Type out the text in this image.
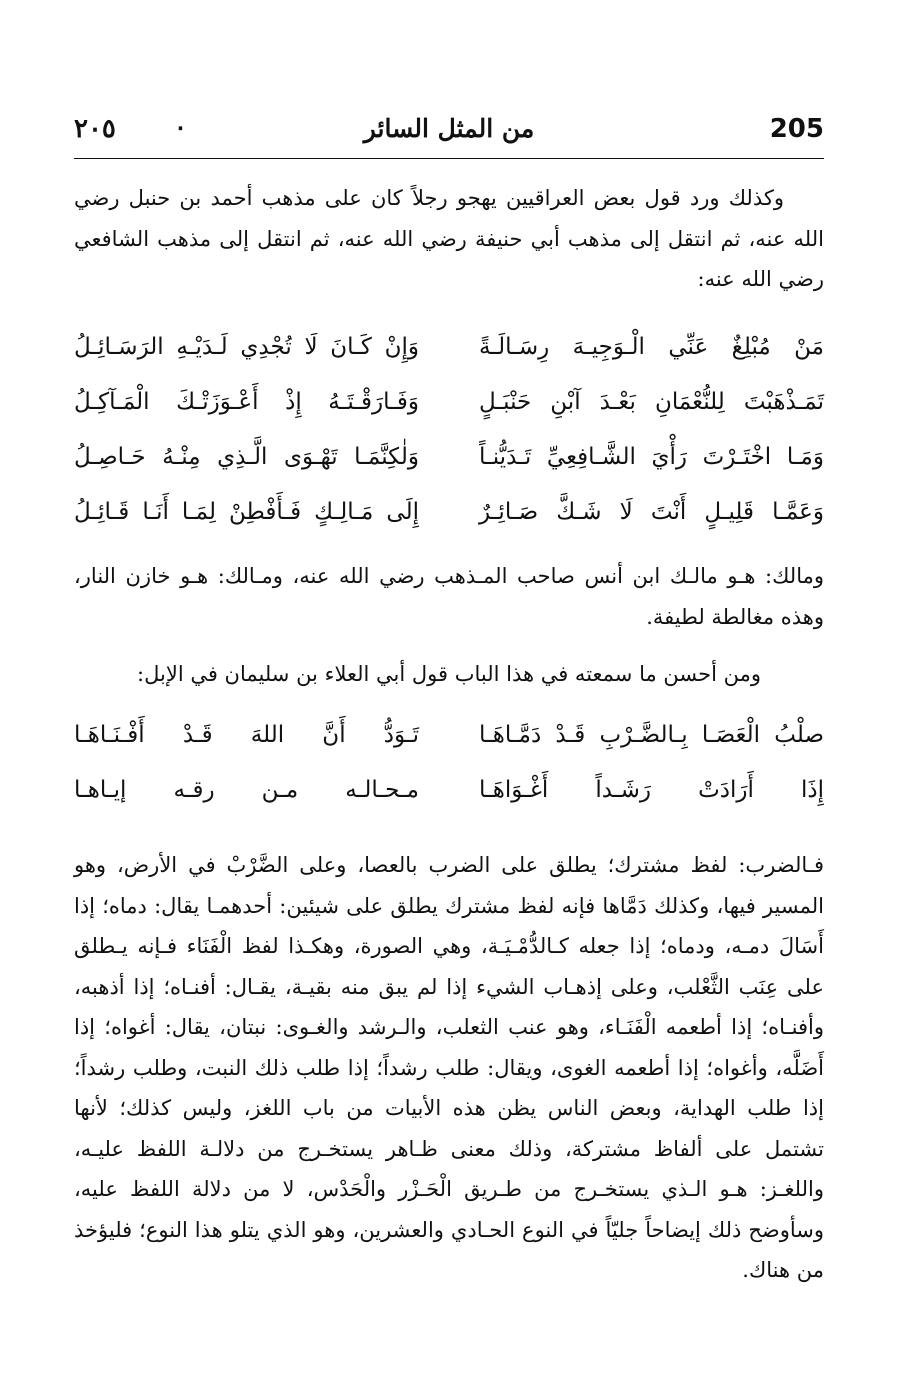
205
من المثل السائر
٠
٢٠٥

وكذلك ورد قول بعض العراقيين يهجو رجلاً كان على مذهب أحمد بن حنبل رضي الله عنه، ثم انتقل إلى مذهب أبي حنيفة رضي الله عنه، ثم انتقل إلى مذهب الشافعي رضي الله عنه:

مَنْ مُبْلِغٌ عَنِّي الْـوَجِيـهَ رِسَـالَـةً
وَإِنْ كَـانَ لَا تُجْدِي لَـدَيْـهِ الرَسَـائِـلُ
تَمَـذْهَبْتَ لِلنُّعْمَانِ بَعْـدَ آبْنِ حَنْبَـلٍ
وَفَـارَقْـتَـهُ إِذْ أَعْـوَزَتْـكَ الْمَـآكِـلُ
وَمَـا اخْتَـرْتَ رَأْيَ الشَّـافِعِيِّ تَـدَيُّنـاً
وَلٰكِنَّمَـا تَهْـوَى الَّـذِي مِنْـهُ حَـاصِـلُ
وَعَمَّـا قَلِيـلٍ أَنْتَ لَا شَـكَّ صَـائِـرٌ
إِلَى مَـالِـكٍ فَـأَفْطِنْ لِمَـا أَنَـا قَـائِـلُ

ومالك: هـو مالـك ابن أنس صاحب المـذهب رضي الله عنه، ومـالك: هـو خازن النار، وهذه مغالطة لطيفة.

ومن أحسن ما سمعته في هذا الباب قول أبي العلاء بن سليمان في الإبل:

صلْبُ الْعَصَـا بِـالضَّـرْبِ قَـدْ دَمَّـاهَـا
تَـوَدُّ أَنَّ اللهَ قَـدْ أَفْـنَـاهَـا
إِذَا أَرَادَتْ رَشَـداً أَغْـوَاهَـا
مـحـالـه مـن رقـه إيـاهـا

فـالضرب: لفظ مشترك؛ يطلق على الضرب بالعصا، وعلى الضَّرْبْ في الأرض، وهو المسير فيها، وكذلك دَمَّاها فإنه لفظ مشترك يطلق على شيئين: أحدهمـا يقال: دماه؛ إذا أَسَالَ دمـه، ودماه؛ إذا جعله كـالدُّمْـيَـة، وهي الصورة، وهكـذا لفظ الْفَنَاء فـإنه يـطلق على عِنَب الثَّعْلب، وعلى إذهـاب الشيء إذا لم يبق منه بقيـة، يقـال: أفنـاه؛ إذا أذهبه، وأفنـاه؛ إذا أطعمه الْفَنَـاء، وهو عنب الثعلب، والـرشد والغـوى: نبتان، يقال: أغواه؛ إذا أَضَلَّه، وأغواه؛ إذا أطعمه الغوى، ويقال: طلب رشداً؛ إذا طلب ذلك النبت، وطلب رشداً؛ إذا طلب الهداية، وبعض الناس يظن هذه الأبيات من باب اللغز، وليس كذلك؛ لأنها تشتمل على ألفاظ مشتركة، وذلك معنى ظـاهر يستخـرج من دلالـة اللفظ عليـه، واللغـز: هـو الـذي يستخـرج من طـريق الْحَـزْر والْحَدْس، لا من دلالة اللفظ عليه، وسأوضح ذلك إيضاحاً جليّاً في النوع الحـادي والعشرين، وهو الذي يتلو هذا النوع؛ فليؤخذ من هناك.
